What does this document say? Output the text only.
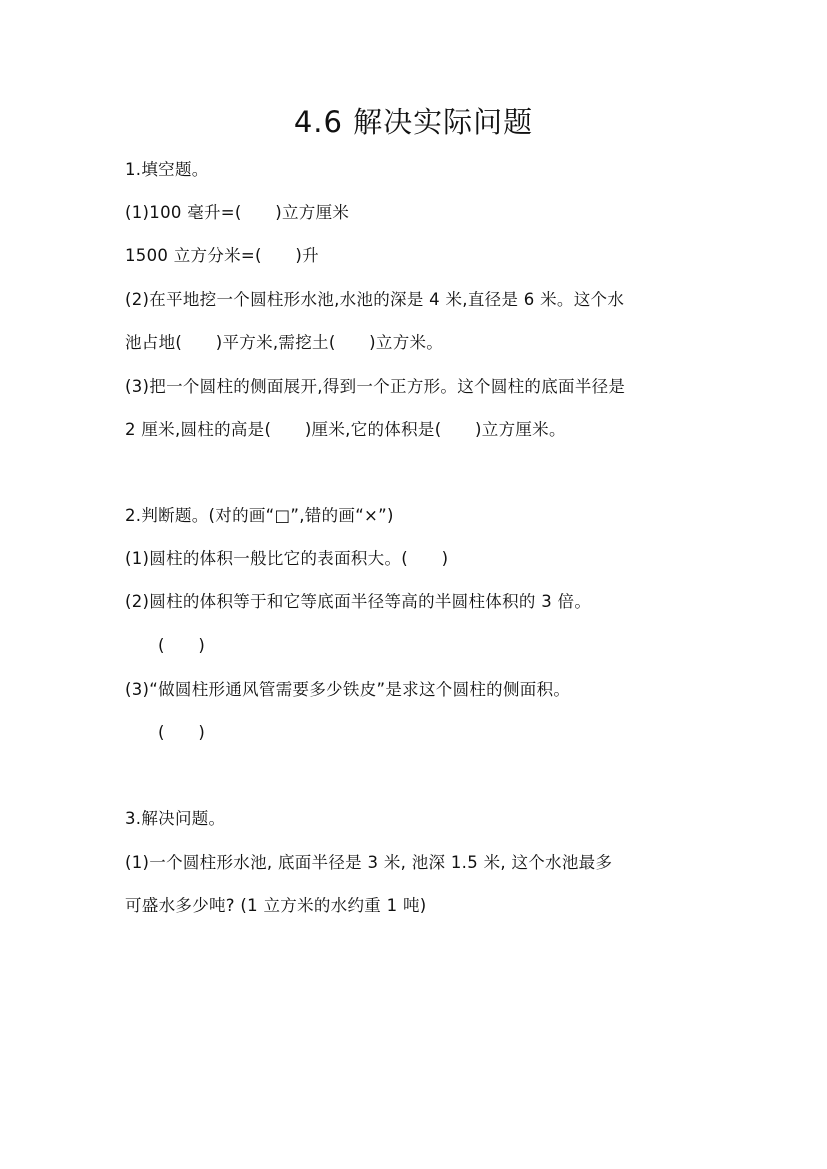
4.6 解决实际问题
1.填空题。
(1)100 毫升=(　　)立方厘米
1500 立方分米=(　　)升
(2)在平地挖一个圆柱形水池,水池的深是 4 米,直径是 6 米。这个水
池占地(　　)平方米,需挖土(　　)立方米。
(3)把一个圆柱的侧面展开,得到一个正方形。这个圆柱的底面半径是
2 厘米,圆柱的高是(　　)厘米,它的体积是(　　)立方厘米。
2.判断题。(对的画“□”,错的画“×”)
(1)圆柱的体积一般比它的表面积大。(　　)
(2)圆柱的体积等于和它等底面半径等高的半圆柱体积的 3 倍。
(　　)
(3)“做圆柱形通风管需要多少铁皮”是求这个圆柱的侧面积。
(　　)
3.解决问题。
(1)一个圆柱形水池, 底面半径是 3 米, 池深 1.5 米, 这个水池最多
可盛水多少吨? (1 立方米的水约重 1 吨)
